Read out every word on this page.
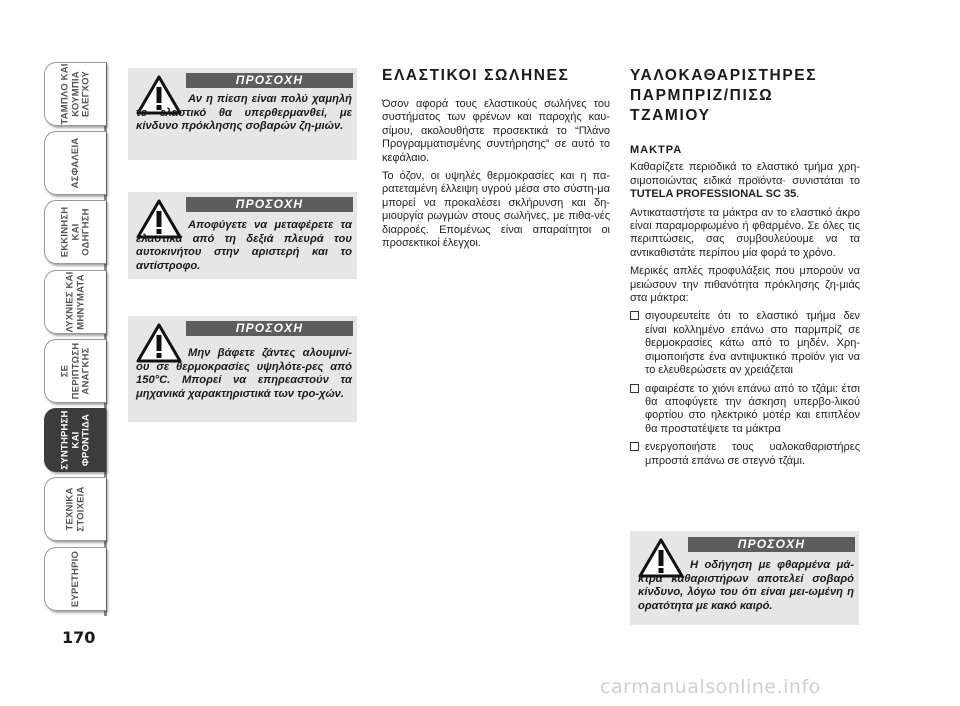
ΤΑΜΠΛΟ ΚΑΙ ΚΟΥΜΠΙΑ ΕΛΕΓΧΟΥ
ΑΣΦΑΛΕΙΑ
ΕΚΚΙΝΗΣΗ ΚΑΙ ΟΔΗΓΗΣΗ
ΛΥΧΝΙΕΣ ΚΑΙ ΜΗΝΥΜΑΤΑ
ΣΕ ΠΕΡΙΠΤΩΣΗ ΑΝΑΓΚΗΣ
ΣΥΝΤΗΡΗΣΗ ΚΑΙ ΦΡΟΝΤΙΔΑ
ΤΕΧΝΙΚΑ ΣΤΟΙΧΕΙΑ
ΕΥΡΕΤΗΡΙΟ
170
ΠΡΟΣΟΧΗ
Αν η πίεση είναι πολύ χαμηλή το ελαστικό θα υπερθερμανθεί, με κίνδυνο πρόκλησης σοβαρών ζη-μιών.
ΠΡΟΣΟΧΗ
Αποφύγετε να μεταφέρετε τα ελαστικά από τη δεξιά πλευρά του αυτοκινήτου στην αριστερή και το αντίστροφο.
ΠΡΟΣΟΧΗ
Μην βάφετε ζάντες αλουμινί-ου σε θερμοκρασίες υψηλότε-ρες από 150°C. Μπορεί να επηρεαστούν τα μηχανικά χαρακτηριστικά των τρο-χών.
ΠΡΟΣΟΧΗ
Η οδήγηση με φθαρμένα μά-κτρα καθαριστήρων αποτελεί σοβαρό κίνδυνο, λόγω του ότι είναι μει-ωμένη η ορατότητα με κακό καιρό.
ΕΛΑΣΤΙΚΟΙ ΣΩΛΗΝΕΣ
Όσον αφορά τους ελαστικούς σωλήνες του συστήματος των φρένων και παροχής καυ-σίμου, ακολουθήστε προσεκτικά το “Πλάνο Προγραμματισμένης συντήρησης” σε αυτό το κεφάλαιο.
Το όζον, οι υψηλές θερμοκρασίες και η πα-ρατεταμένη έλλειψη υγρού μέσα στο σύστη-μα μπορεί να προκαλέσει σκλήρυνση και δη-μιουργία ρωγμών στους σωλήνες, με πιθα-νές διαρροές. Επομένως είναι απαραίτητοι οι προσεκτικοί έλεγχοι.
ΥΑΛΟΚΑΘΑΡΙΣΤΗΡΕΣ
ΠΑΡΜΠΡΙΖ/ΠΙΣΩ
ΤΖΑΜΙΟΥ
ΜΑΚΤΡΑ
Καθαρίζετε περιοδικά το ελαστικό τμήμα χρη-σιμοποιώντας ειδικά προϊόντα· συνιστάται το TUTELA PROFESSIONAL SC 35.
Αντικαταστήστε τα μάκτρα αν το ελαστικό άκρο είναι παραμορφωμένο ή φθαρμένο. Σε όλες τις περιπτώσεις, σας συμβουλεύουμε να τα αντικαθιστάτε περίπου μία φορά το χρόνο.
Μερικές απλές προφυλάξεις που μπορούν να μειώσουν την πιθανότητα πρόκλησης ζη-μιάς στα μάκτρα:
σιγουρευτείτε ότι το ελαστικό τμήμα δεν είναι κολλημένο επάνω στο παρμπρίζ σε θερμοκρασίες κάτω από το μηδέν. Χρη-σιμοποιήστε ένα αντιψυκτικό προϊόν για να το ελευθερώσετε αν χρειάζεται
αφαιρέστε το χιόνι επάνω από το τζάμι: έτσι θα αποφύγετε την άσκηση υπερβο-λικού φορτίου στο ηλεκτρικό μοτέρ και επιπλέον θα προστατέψετε τα μάκτρα
ενεργοποιήστε τους υαλοκαθαριστήρες μπροστά επάνω σε στεγνό τζάμι.
carmanualsonline.info
